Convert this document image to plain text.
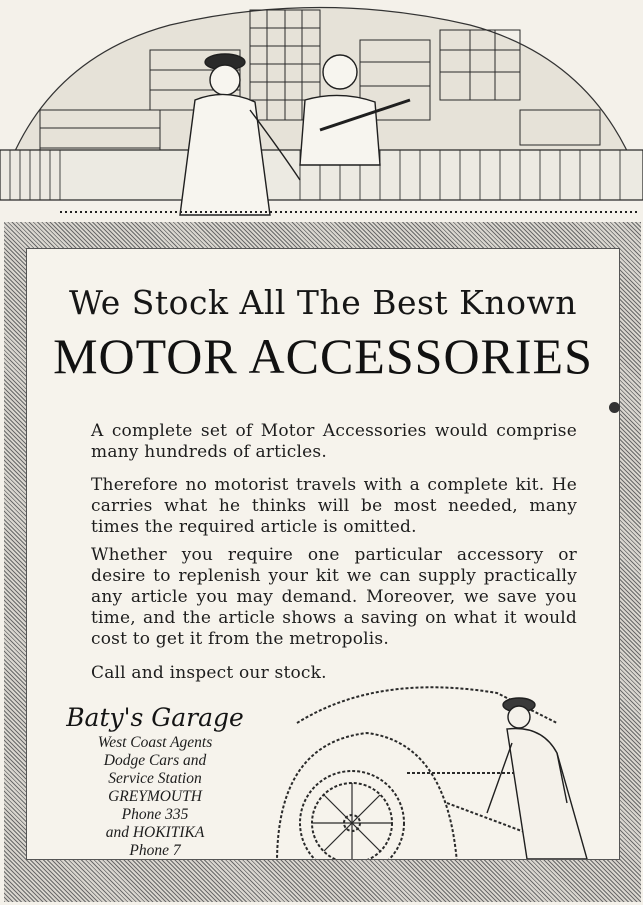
We Stock All The Best Known
MOTOR ACCESSORIES
A complete set of Motor Accessories would comprise many hundreds of articles.
Therefore no motorist travels with a complete kit. He carries what he thinks will be most needed, many times the required article is omitted.
Whether you require one particular accessory or desire to replenish your kit we can supply practically any article you may demand. Moreover, we save you time, and the article shows a saving on what it would cost to get it from the metropolis.
Call and inspect our stock.
Baty's Garage
West Coast Agents
Dodge Cars and
Service Station
GREYMOUTH
Phone 335
and HOKITIKA
Phone 7
